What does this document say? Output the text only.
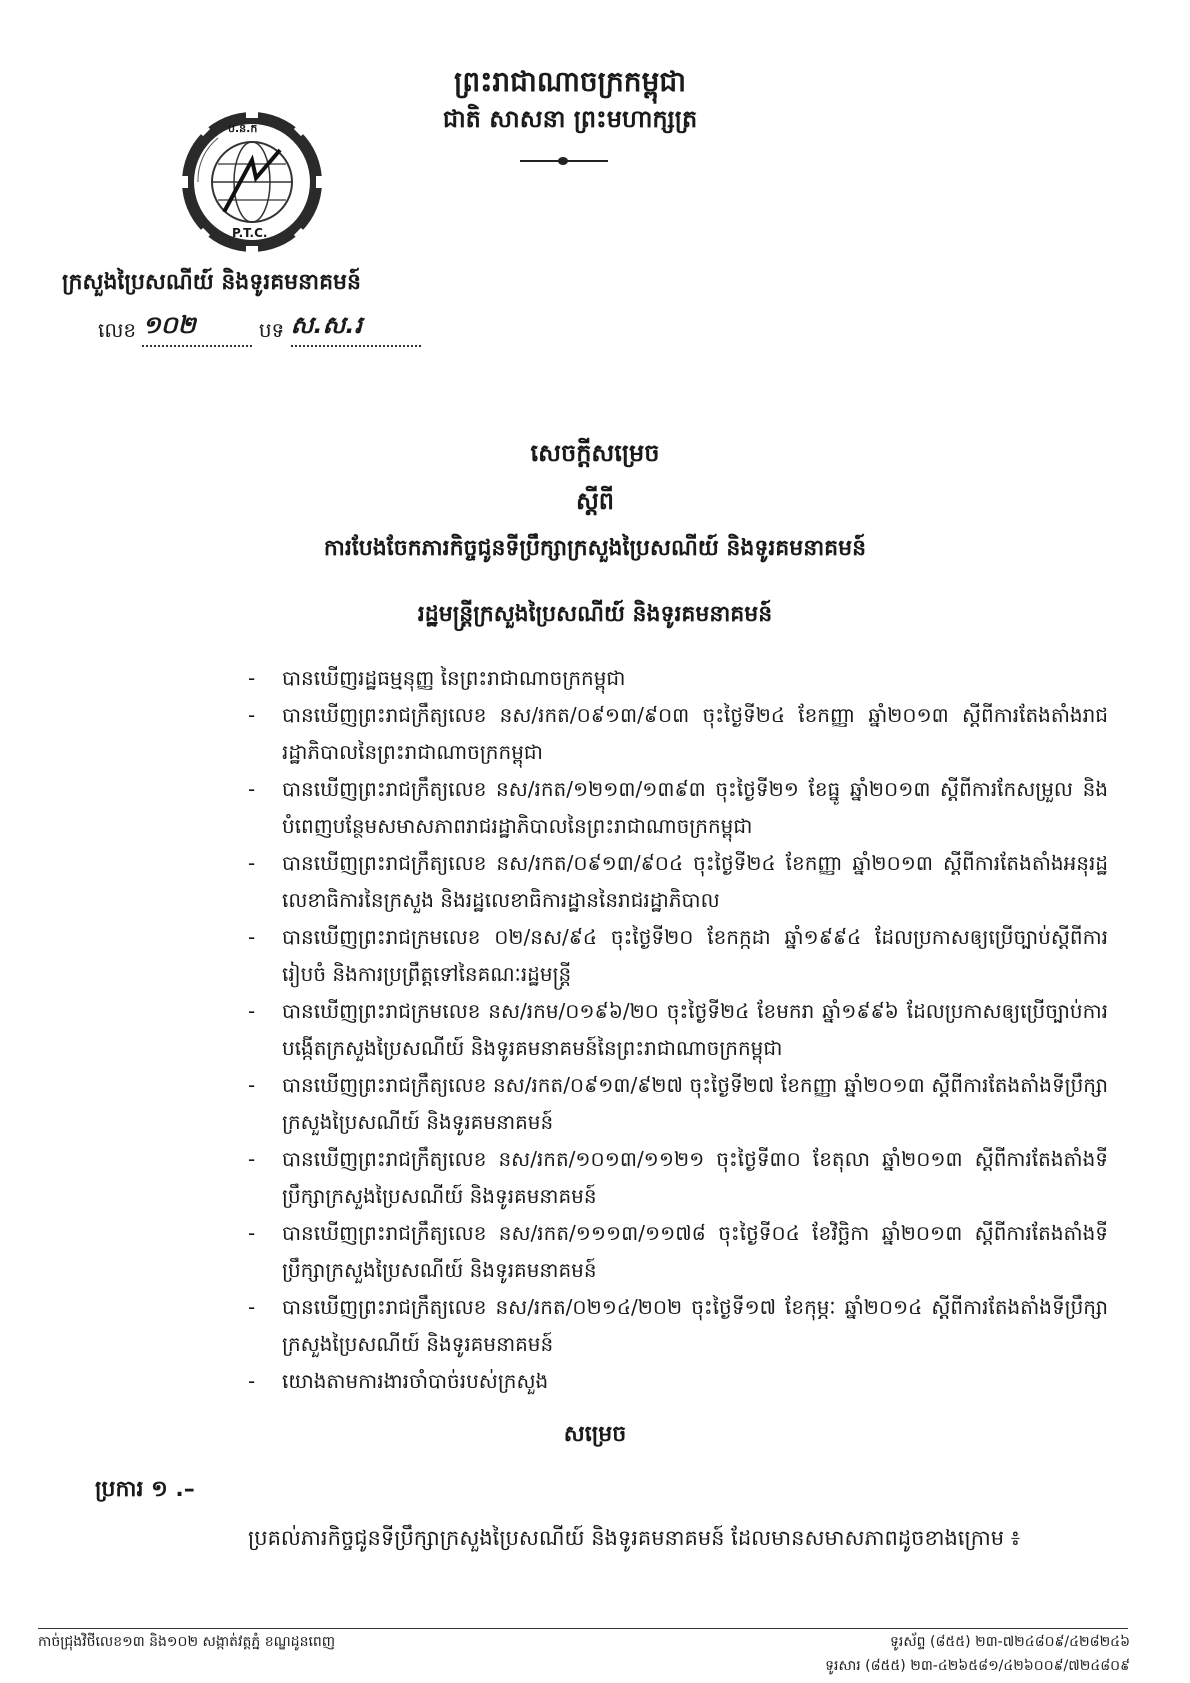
ព្រះរាជាណាចក្រកម្ពុជា
ជាតិ សាសនា ព្រះមហាក្សត្រ
ប.ន.ក
P.T.C.
ក្រសួងប្រៃសណីយ៍ និងទូរគមនាគមន៍
លេខ ១០២	បទ ស.ស.រ
សេចក្តីសម្រេច
ស្តីពី
ការបែងចែកភារកិច្ចជូនទីប្រឹក្សាក្រសួងប្រៃសណីយ៍ និងទូរគមនាគមន៍
រដ្ឋមន្ត្រីក្រសួងប្រៃសណីយ៍ និងទូរគមនាគមន៍
- បានឃើញរដ្ឋធម្មនុញ្ញ នៃព្រះរាជាណាចក្រកម្ពុជា
- បានឃើញព្រះរាជក្រឹត្យលេខ នស/រកត/០៩១៣/៩០៣ ចុះថ្ងៃទី២៤ ខែកញ្ញា ឆ្នាំ២០១៣ ស្តីពីការតែងតាំងរាជរដ្ឋាភិបាលនៃព្រះរាជាណាចក្រកម្ពុជា
- បានឃើញព្រះរាជក្រឹត្យលេខ នស/រកត/១២១៣/១៣៩៣ ចុះថ្ងៃទី២១ ខែធ្នូ ឆ្នាំ២០១៣ ស្តីពីការកែសម្រួល និងបំពេញបន្ថែមសមាសភាពរាជរដ្ឋាភិបាលនៃព្រះរាជាណាចក្រកម្ពុជា
- បានឃើញព្រះរាជក្រឹត្យលេខ នស/រកត/០៩១៣/៩០៤ ចុះថ្ងៃទី២៤ ខែកញ្ញា ឆ្នាំ២០១៣ ស្តីពីការតែងតាំងអនុរដ្ឋលេខាធិការនៃក្រសួង និងរដ្ឋលេខាធិការដ្ឋាននៃរាជរដ្ឋាភិបាល
- បានឃើញព្រះរាជក្រមលេខ ០២/នស/៩៤ ចុះថ្ងៃទី២០ ខែកក្កដា ឆ្នាំ១៩៩៤ ដែលប្រកាសឲ្យប្រើច្បាប់ស្តីពីការរៀបចំ និងការប្រព្រឹត្តទៅនៃគណៈរដ្ឋមន្ត្រី
- បានឃើញព្រះរាជក្រមលេខ នស/រកម/០១៩៦/២០ ចុះថ្ងៃទី២៤ ខែមករា ឆ្នាំ១៩៩៦ ដែលប្រកាសឲ្យប្រើច្បាប់ការបង្កើតក្រសួងប្រៃសណីយ៍ និងទូរគមនាគមន៍នៃព្រះរាជាណាចក្រកម្ពុជា
- បានឃើញព្រះរាជក្រឹត្យលេខ នស/រកត/០៩១៣/៩២៧ ចុះថ្ងៃទី២៧ ខែកញ្ញា ឆ្នាំ២០១៣ ស្តីពីការតែងតាំងទីប្រឹក្សាក្រសួងប្រៃសណីយ៍ និងទូរគមនាគមន៍
- បានឃើញព្រះរាជក្រឹត្យលេខ នស/រកត/១០១៣/១១២១ ចុះថ្ងៃទី៣០ ខែតុលា ឆ្នាំ២០១៣ ស្តីពីការតែងតាំងទីប្រឹក្សាក្រសួងប្រៃសណីយ៍ និងទូរគមនាគមន៍
- បានឃើញព្រះរាជក្រឹត្យលេខ នស/រកត/១១១៣/១១៧៨ ចុះថ្ងៃទី០៤ ខែវិច្ឆិកា ឆ្នាំ២០១៣ ស្តីពីការតែងតាំងទីប្រឹក្សាក្រសួងប្រៃសណីយ៍ និងទូរគមនាគមន៍
- បានឃើញព្រះរាជក្រឹត្យលេខ នស/រកត/០២១៤/២០២ ចុះថ្ងៃទី១៧ ខែកុម្ភៈ ឆ្នាំ២០១៤ ស្តីពីការតែងតាំងទីប្រឹក្សាក្រសួងប្រៃសណីយ៍ និងទូរគមនាគមន៍
- យោងតាមការងារចាំបាច់របស់ក្រសួង
សម្រេច
ប្រការ ១ .–
ប្រគល់ភារកិច្ចជូនទីប្រឹក្សាក្រសួងប្រៃសណីយ៍ និងទូរគមនាគមន៍ ដែលមានសមាសភាពដូចខាងក្រោម ៖
កាច់ជ្រុងវិថីលេខ១៣ និង១០២ សង្កាត់វត្តភ្នំ ខណ្ឌដូនពេញ	ទូរស័ព្ទ (៨៥៥) ២៣-៧២៤៨០៩/៤២៨២៤៦
ទូរសារ (៨៥៥) ២៣-៤២៦៥៨១/៤២៦០០៩/៧២៤៨០៩
